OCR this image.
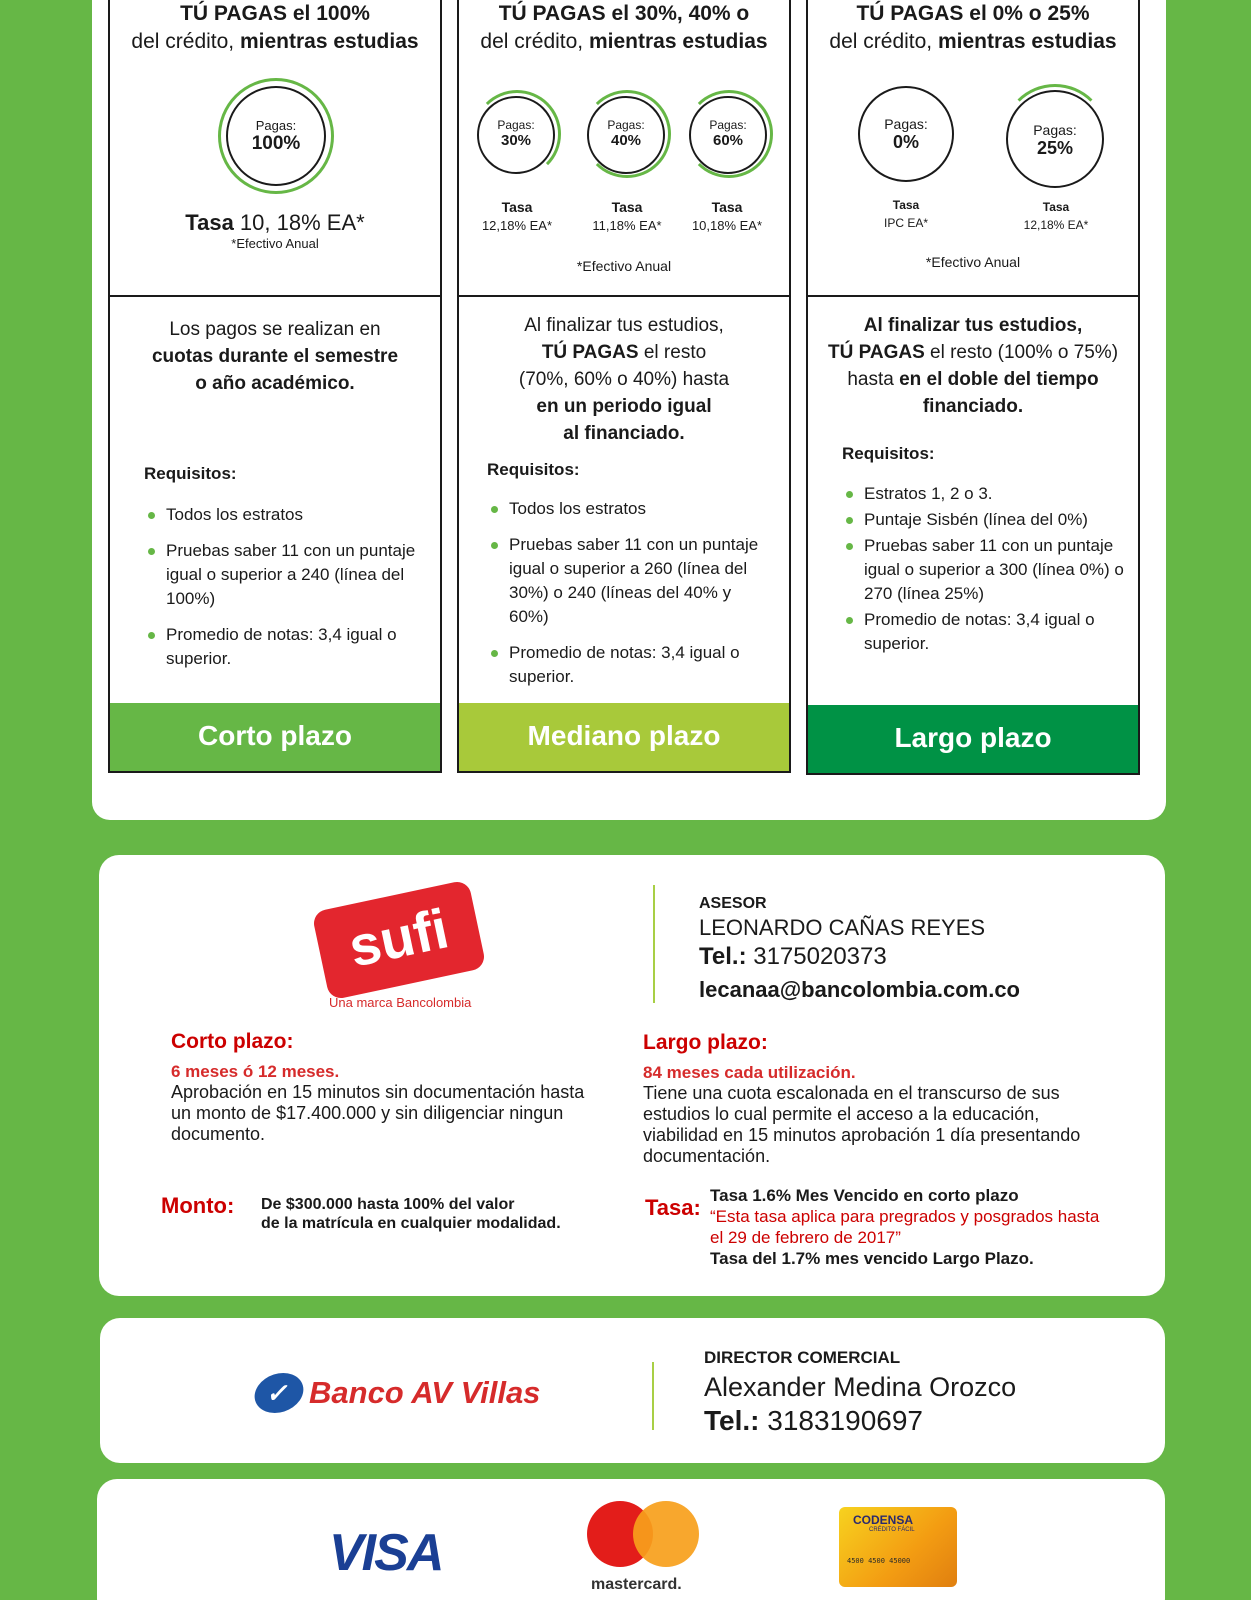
TÚ PAGAS el 100%
del crédito, mientras estudias
Pagas:
100%
Tasa 10, 18% EA*
*Efectivo Anual
Los pagos se realizan en
cuotas durante el semestre o año académico.
Requisitos:
Todos los estratos
Pruebas saber 11 con un puntaje igual o superior a 240 (línea del 100%)
Promedio de notas: 3,4 igual o superior.
Corto plazo
TÚ PAGAS el 30%, 40% o
del crédito, mientras estudias
Pagas:
30%
Tasa
12,18% EA*
Pagas:
40%
Tasa
11,18% EA*
Pagas:
60%
Tasa
10,18% EA*
*Efectivo Anual
Al finalizar tus estudios,
TÚ PAGAS el resto
(70%, 60% o 40%) hasta
en un periodo igual
al financiado.
Requisitos:
Todos los estratos
Pruebas saber 11 con un puntaje igual o superior a 260 (línea del 30%) o 240 (líneas del 40% y 60%)
Promedio de notas: 3,4 igual o superior.
Mediano plazo
TÚ PAGAS el 0% o 25%
del crédito, mientras estudias
Pagas:
0%
Tasa
IPC EA*
Pagas:
25%
Tasa
12,18% EA*
*Efectivo Anual
Al finalizar tus estudios,
TÚ PAGAS el resto (100% o 75%)
hasta en el doble del tiempo
financiado.
Requisitos:
Estratos 1, 2 o 3.
Puntaje Sisbén (línea del 0%)
Pruebas saber 11 con un puntaje igual o superior a 300 (línea 0%) o 270 (línea 25%)
Promedio de notas: 3,4 igual o superior.
Largo plazo
sufi
Una marca Bancolombia
ASESOR
LEONARDO CAÑAS REYES
Tel.: 3175020373
lecanaa@bancolombia.com.co
Corto plazo:
6 meses ó 12 meses.
Aprobación en 15 minutos sin documentación hasta un monto de $17.400.000 y sin diligenciar ningun documento.
Monto: De $300.000 hasta 100% del valor
de la matrícula en cualquier modalidad.
Largo plazo:
84 meses cada utilización.
Tiene una cuota escalonada en el transcurso de sus estudios lo cual permite el acceso a la educación, viabilidad en 15 minutos aprobación 1 día presentando documentación.
Tasa: Tasa 1.6% Mes Vencido en corto plazo
“Esta tasa aplica para pregrados y posgrados hasta el 29 de febrero de 2017”
Tasa del 1.7% mes vencido Largo Plazo.
✓ Banco AV Villas
DIRECTOR COMERCIAL
Alexander Medina Orozco
Tel.: 3183190697
VISA
mastercard.
CODENSA
CRÉDITO FÁCIL
4500 4500 45000
